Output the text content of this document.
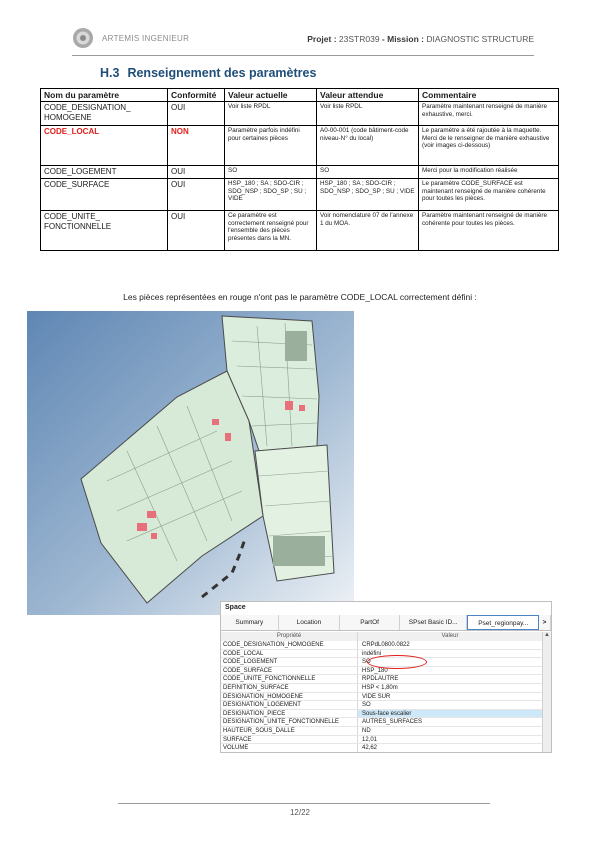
ARTEMIS INGENIEUR	Projet : 23STR039 - Mission : DIAGNOSTIC STRUCTURE
H.3 Renseignement des paramètres
Nom du paramètre	Conformité	Valeur actuelle	Valeur attendue	Commentaire
CODE_DESIGNATION_ HOMOGENE	OUI	Voir liste RPDL	Voir liste RPDL	Paramètre maintenant renseigné de manière exhaustive, merci.
CODE_LOCAL	NON	Paramètre parfois indéfini pour certaines pièces	A0-00-001 (code bâtiment-code niveau-N° du local)	Le paramètre a été rajoutée à la maquette. Merci de le renseigner de manière exhaustive (voir images ci-dessous)
CODE_LOGEMENT	OUI	SO	SO	Merci pour la modification réalisée
CODE_SURFACE	OUI	HSP_180 ; SA ; SDO-CIR ; SDO_NSP ; SDO_SP ; SU ; VIDE	HSP_180 ; SA ; SDO-CIR ; SDO_NSP ; SDO_SP ; SU ; VIDE	Le paramètre CODE_SURFACE est maintenant renseigné de manière cohérente pour toutes les pièces.
CODE_UNITE_ FONCTIONNELLE	OUI	Ce paramètre est correctement renseigné pour l'ensemble des pièces présentes dans la MN.	Voir nomenclature 07 de l'annexe 1 du MOA.	Paramètre maintenant renseigné de manière cohérente pour toutes les pièces.
Les pièces représentées en rouge n'ont pas le paramètre CODE_LOCAL correctement défini :
Space
Summary	Location	PartOf	SPset Basic ID...	Pset_regionpay...	>
Propriété	Valeur
CODE_DESIGNATION_HOMOGENE	CRPdL0800.0822
CODE_LOCAL	indéfini
CODE_LOGEMENT	SO
CODE_SURFACE	HSP_180
CODE_UNITE_FONCTIONNELLE	RPDLAUTRE
DEFINITION_SURFACE	HSP < 1,80m
DESIGNATION_HOMOGENE	VIDE SUR
DESIGNATION_LOGEMENT	SO
DESIGNATION_PIECE	Sous-face escalier
DESIGNATION_UNITE_FONCTIONNELLE	AUTRES_SURFACES
HAUTEUR_SOUS_DALLE	ND
SURFACE	12,01
VOLUME	42,62
▲
12/22
